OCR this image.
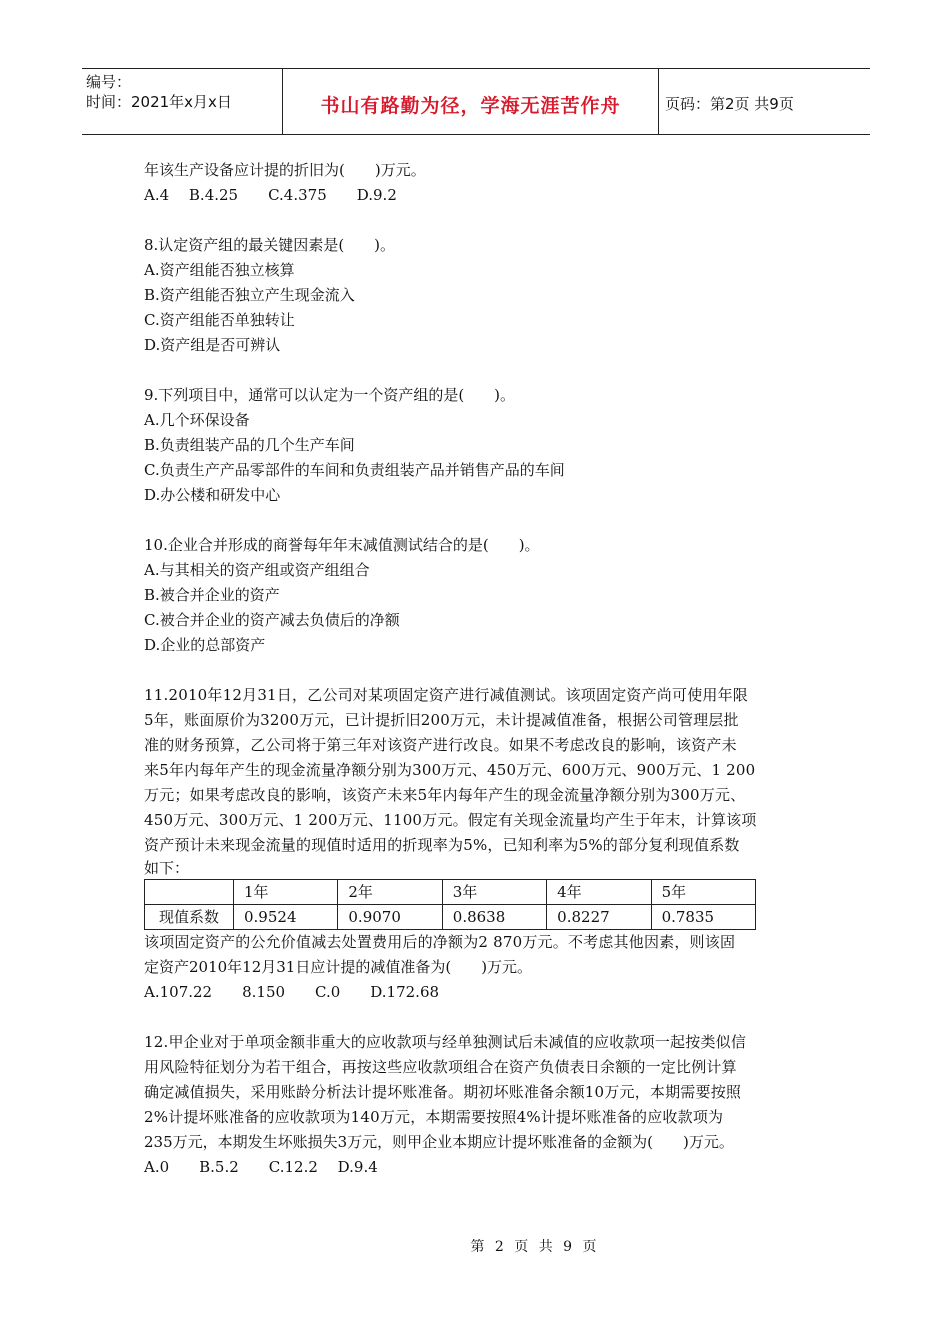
编号：
时间：2021年x月x日	书山有路勤为径，学海无涯苦作舟	页码：第2页 共9页

年该生产设备应计提的折旧为(　　)万元。

A.4　 B.4.25　　C.4.375　　D.9.2

8.认定资产组的最关键因素是(　　)。

A.资产组能否独立核算

B.资产组能否独立产生现金流入

C.资产组能否单独转让

D.资产组是否可辨认

9.下列项目中，通常可以认定为一个资产组的是(　　)。

A.几个环保设备

B.负责组装产品的几个生产车间

C.负责生产产品零部件的车间和负责组装产品并销售产品的车间

D.办公楼和研发中心

10.企业合并形成的商誉每年年末减值测试结合的是(　　)。

A.与其相关的资产组或资产组组合

B.被合并企业的资产

C.被合并企业的资产减去负债后的净额

D.企业的总部资产

11.2010年12月31日，乙公司对某项固定资产进行减值测试。该项固定资产尚可使用年限

5年，账面原价为3200万元，已计提折旧200万元，未计提减值准备，根据公司管理层批

准的财务预算，乙公司将于第三年对该资产进行改良。如果不考虑改良的影响，该资产未

来5年内每年产生的现金流量净额分别为300万元、450万元、600万元、900万元、1 200

万元；如果考虑改良的影响，该资产未来5年内每年产生的现金流量净额分别为300万元、

450万元、300万元、1 200万元、1100万元。假定有关现金流量均产生于年末，计算该项

资产预计未来现金流量的现值时适用的折现率为5%，已知利率为5%的部分复利现值系数

如下：

	1年	2年	3年	4年	5年
现值系数	0.9524	0.9070	0.8638	0.8227	0.7835

该项固定资产的公允价值减去处置费用后的净额为2 870万元。不考虑其他因素，则该固

定资产2010年12月31日应计提的减值准备为(　　)万元。

A.107.22　　8.150　　C.0　　D.172.68

12.甲企业对于单项金额非重大的应收款项与经单独测试后未减值的应收款项一起按类似信

用风险特征划分为若干组合，再按这些应收款项组合在资产负债表日余额的一定比例计算

确定减值损失，采用账龄分析法计提坏账准备。期初坏账准备余额10万元，本期需要按照

2%计提坏账准备的应收款项为140万元，本期需要按照4%计提坏账准备的应收款项为

235万元，本期发生坏账损失3万元，则甲企业本期应计提坏账准备的金额为(　　)万元。

A.0　　B.5.2　　C.12.2　 D.9.4

第 2 页 共 9 页
